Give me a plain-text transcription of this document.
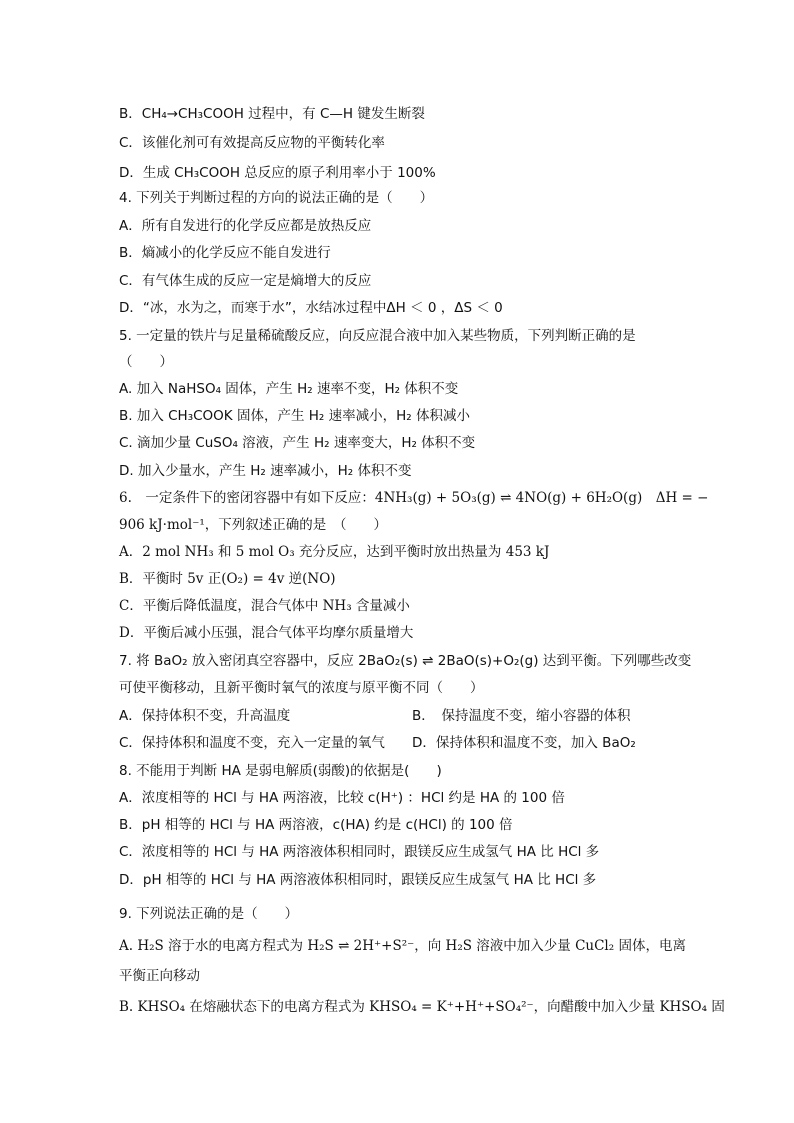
B．CH₄→CH₃COOH 过程中，有 C—H 键发生断裂
C．该催化剂可有效提高反应物的平衡转化率
D．生成 CH₃COOH 总反应的原子利用率小于 100%
4. 下列关于判断过程的方向的说法正确的是（　　）
A．所有自发进行的化学反应都是放热反应
B．熵减小的化学反应不能自发进行
C．有气体生成的反应一定是熵增大的反应
D．“冰，水为之，而寒于水”，水结冰过程中ΔH ＜ 0 ，ΔS ＜ 0
5. 一定量的铁片与足量稀硫酸反应，向反应混合液中加入某些物质，下列判断正确的是
（　　）
A. 加入 NaHSO₄ 固体，产生 H₂ 速率不变，H₂ 体积不变
B. 加入 CH₃COOK 固体，产生 H₂ 速率减小，H₂ 体积减小
C. 滴加少量 CuSO₄ 溶液，产生 H₂ 速率变大，H₂ 体积不变
D. 加入少量水，产生 H₂ 速率减小，H₂ 体积不变
6.　一定条件下的密闭容器中有如下反应：4NH₃(g) + 5O₃(g) ⇌ 4NO(g) + 6H₂O(g)　ΔH = −
906 kJ·mol⁻¹，下列叙述正确的是　（　　）
A．2 mol NH₃ 和 5 mol O₃ 充分反应，达到平衡时放出热量为 453 kJ
B．平衡时 5v 正(O₂) = 4v 逆(NO)
C．平衡后降低温度，混合气体中 NH₃ 含量减小
D．平衡后减小压强，混合气体平均摩尔质量增大
7. 将 BaO₂ 放入密闭真空容器中，反应 2BaO₂(s) ⇌ 2BaO(s)+O₂(g) 达到平衡。下列哪些改变
可使平衡移动，且新平衡时氧气的浓度与原平衡不同（　　）
A．保持体积不变，升高温度	B．　保持温度不变，缩小容器的体积
C．保持体积和温度不变，充入一定量的氧气 D．保持体积和温度不变，加入 BaO₂
8. 不能用于判断 HA 是弱电解质(弱酸)的依据是(　　)
A．浓度相等的 HCl 与 HA 两溶液，比较 c(H⁺) ：HCl 约是 HA 的 100 倍
B．pH 相等的 HCl 与 HA 两溶液，c(HA) 约是 c(HCl) 的 100 倍
C．浓度相等的 HCl 与 HA 两溶液体积相同时，跟镁反应生成氢气 HA 比 HCl 多
D．pH 相等的 HCl 与 HA 两溶液体积相同时，跟镁反应生成氢气 HA 比 HCl 多
9. 下列说法正确的是（　　）
A. H₂S 溶于水的电离方程式为 H₂S ⇌ 2H⁺+S²⁻，向 H₂S 溶液中加入少量 CuCl₂ 固体，电离
平衡正向移动
B. KHSO₄ 在熔融状态下的电离方程式为 KHSO₄ = K⁺+H⁺+SO₄²⁻，向醋酸中加入少量 KHSO₄ 固
